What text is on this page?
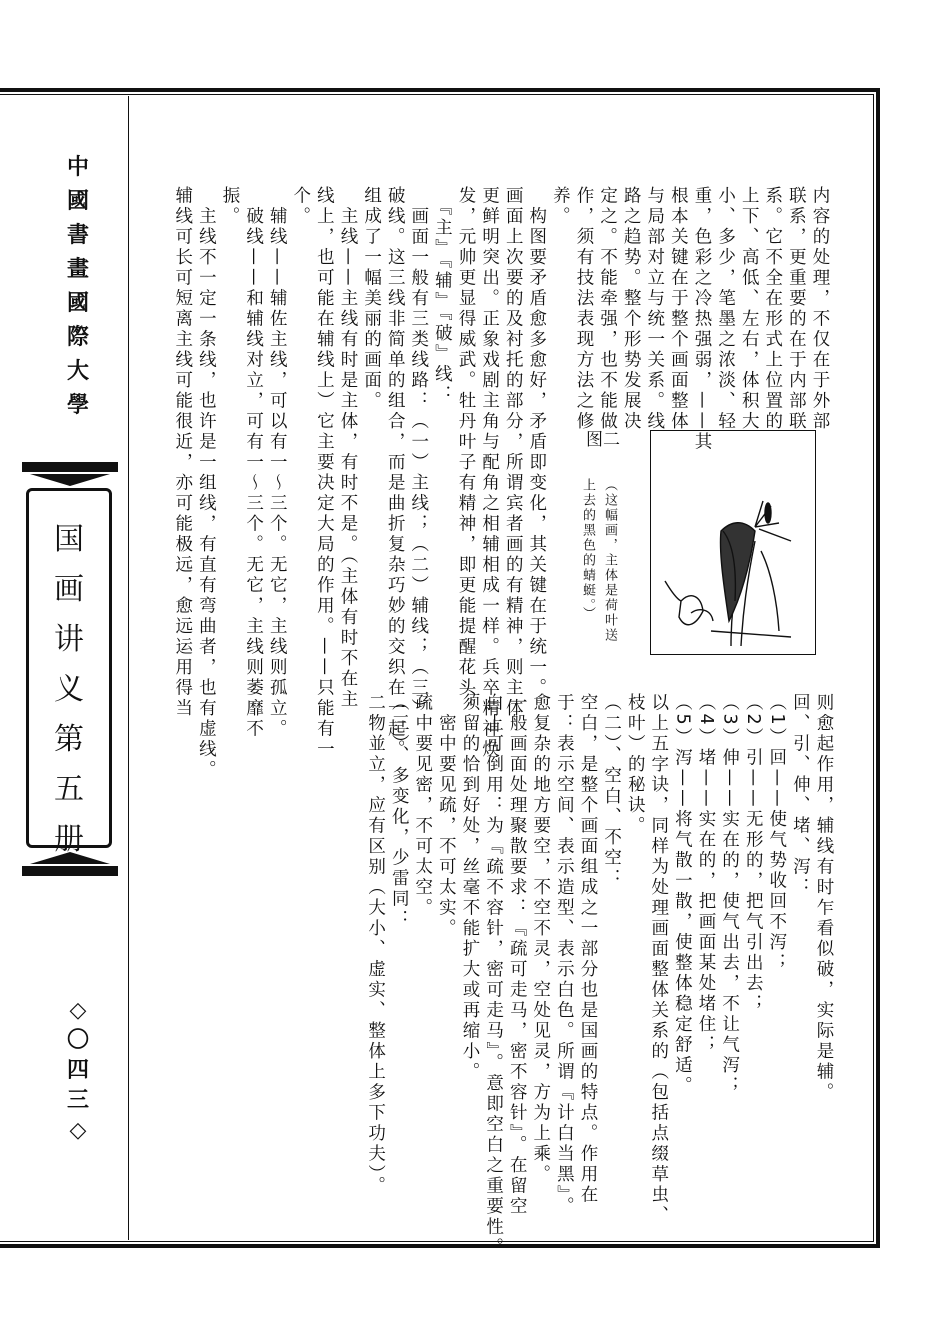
中
國
書
畫
國
際
大
學
国
画
讲
义
第
五
册
◇
〇
四
三
◇
内容的处理，不仅在于外部
联系，更重要的在于内部联
系。它不全在形式上位置的
上下、高低、左右，体积大
小、多少，笔墨之浓淡、轻
重，色彩之冷热强弱，——其
根本关键在于整个画面整体
与局部对立与统一关系。线
路之趋势。整个形势发展决
定之。不能牵强，也不能做
作，须有技法表现方法之修
养。
　构图要矛盾愈多愈好，矛盾即变化，其关键在于统一。
画面上次要的及衬托的部分，所谓宾者画的有精神，则主体
更鲜明突出。正象戏剧主角与配角之相辅相成一样。兵卒精神焕
发，元帅更显得威武。牡丹叶子有精神，即更能提醒花头。
　『主』『辅』『破』线：
　画面一般有三类线路：（一）主线；（二）辅线；（三）
破线。这三线非简单的组合，而是曲折复杂巧妙的交织在一起。
组成了一幅美丽的画面。
　主线——主线有时是主体，有时不是。（主体有时不在主
线上，也可能在辅线上）它主要决定大局的作用。——只能有一
个。
　辅线——辅佐主线，可以有一～三个。无它，主线则孤立。
　破线——和辅线对立，可有一～三个。无它，主线则萎靡不
振。
　主线不一定一条线，也许是一组线，有直有弯曲者，也有虚线。
辅线可长可短离主线可能很近，亦可能极远，愈远运用得当
则愈起作用，辅线有时乍看似破，实际是辅。
回、引、伸、堵、泻：
（1）回——使气势收回不泻；
（2）引——无形的，把气引出去；
（3）伸——实在的，使气出去，不让气泻；
（4）堵——实在的，把画面某处堵住；
（5）泻——将气散一散，使整体稳定舒适。
以上五字诀，同样为处理画面整体关系的（包括点缀草虫、
枝叶）的秘诀。
（二）、空白、不空：
空白，是整个画面组成之一部分也是国画的特点。作用在
于：表示空间、表示造型、表示白色。所谓『计白当黑』。
愈复杂的地方要空，不空不灵，空处见灵，方为上乘。
一般画面处理聚散要求：『疏可走马，密不容针』。在留空
白上可倒用：为『疏不容针，密可走马』。意即空白之重要性。
须留的恰到好处，丝毫不能扩大或再缩小。
　密中要见疏，不可太实。
疏中要见密，不可太空。
（三）、多变化，少雷同：
二物並立，应有区别（大小、虚实、整体上多下功夫）。
图二
（这幅画，主体是荷叶送
上去的黑色的蜻蜓。）
